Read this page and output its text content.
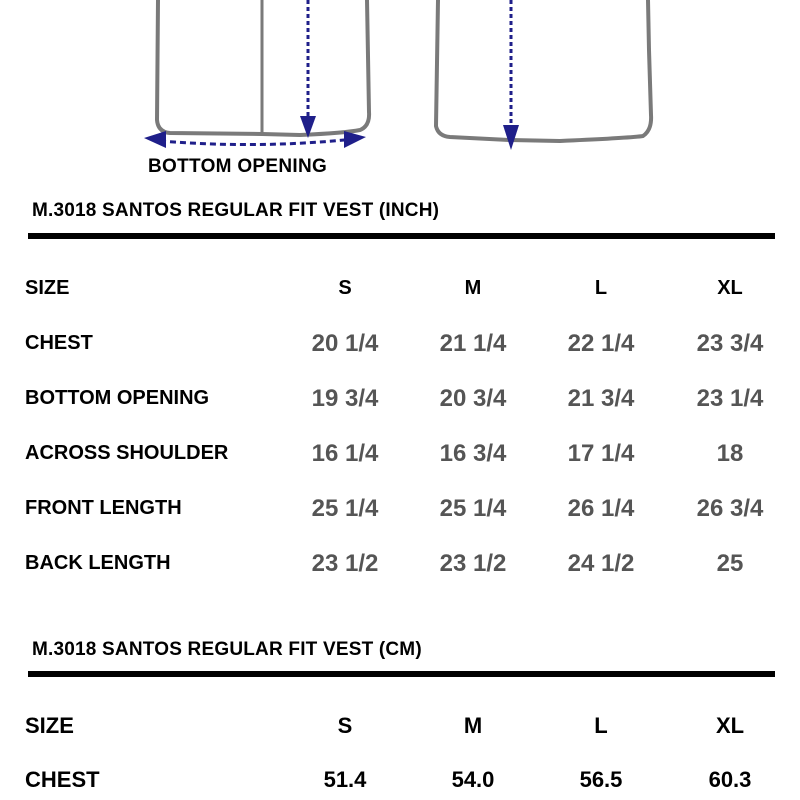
BOTTOM OPENING
M.3018 SANTOS REGULAR FIT VEST (INCH)
SIZE	S	M	L	XL
CHEST	20 1/4	21 1/4	22 1/4	23 3/4
BOTTOM OPENING	19 3/4	20 3/4	21 3/4	23 1/4
ACROSS SHOULDER	16 1/4	16 3/4	17 1/4	18
FRONT LENGTH	25 1/4	25 1/4	26 1/4	26 3/4
BACK LENGTH	23 1/2	23 1/2	24 1/2	25
M.3018 SANTOS REGULAR FIT VEST (CM)
SIZE	S	M	L	XL
CHEST	51.4	54.0	56.5	60.3
